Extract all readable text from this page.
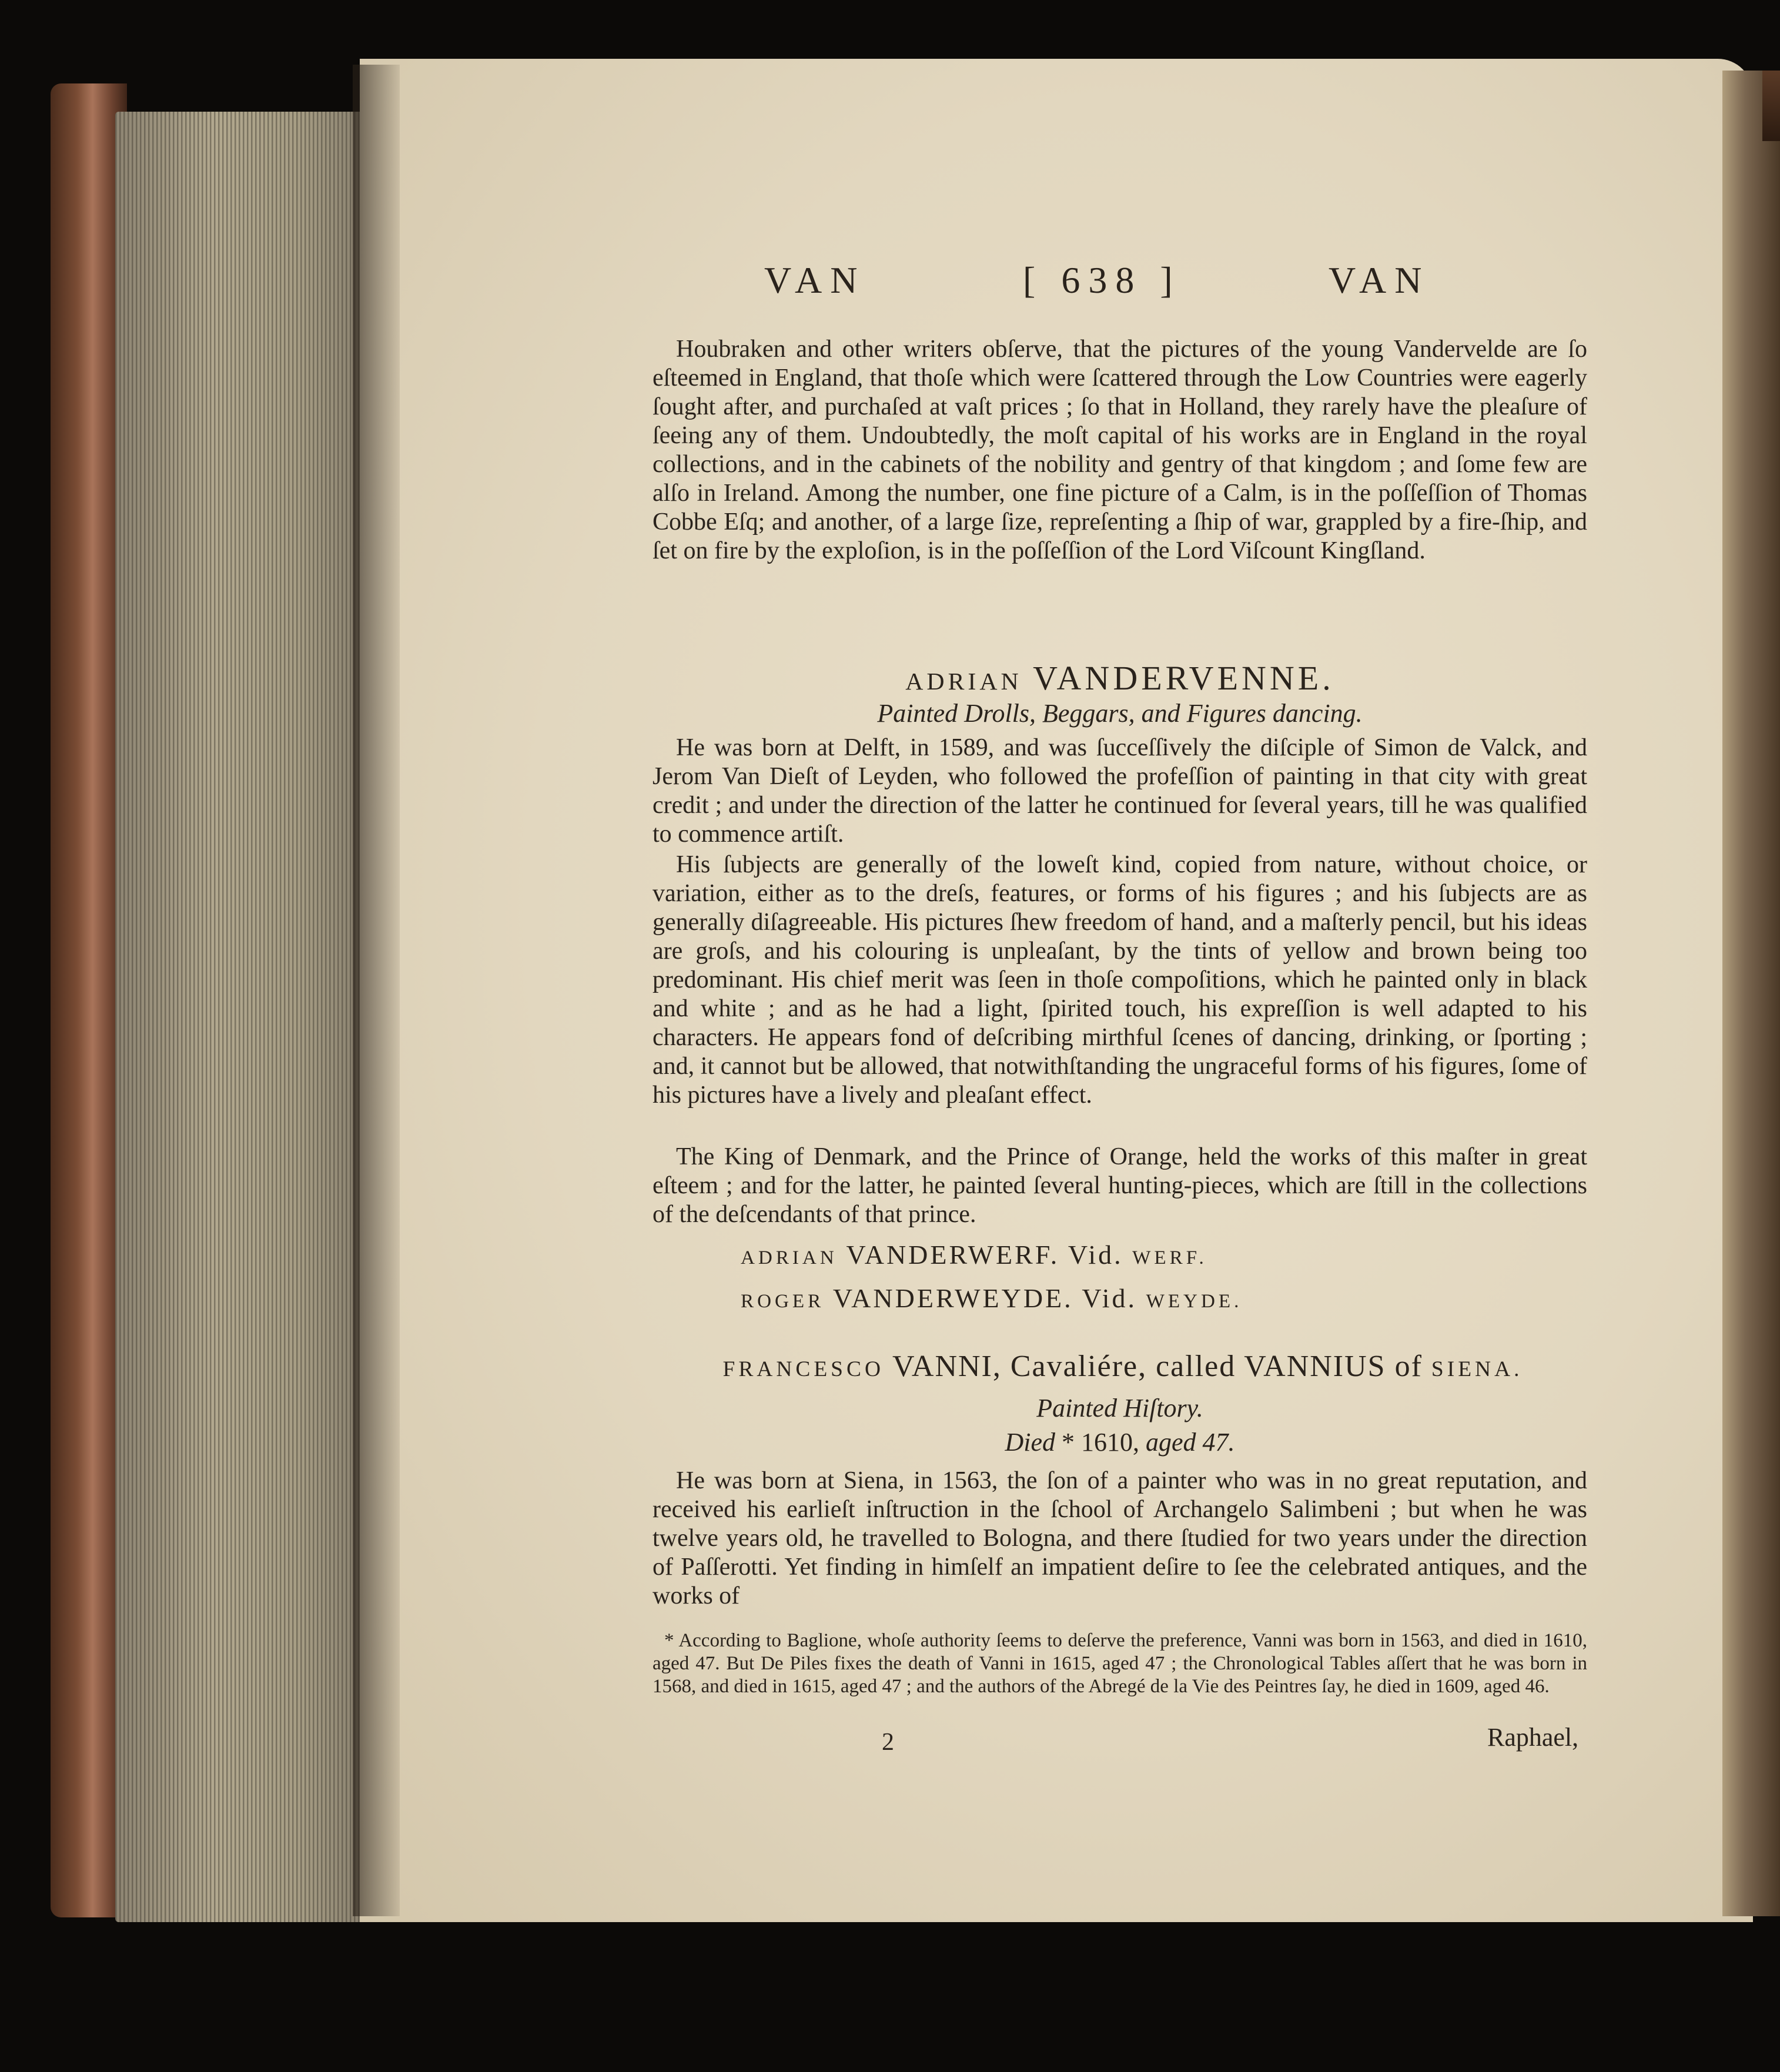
VAN	[ 638 ]	VAN

Houbraken and other writers obſerve, that the pictures of the young Vandervelde are ſo eſteemed in England, that thoſe which were ſcattered through the Low Countries were eagerly ſought after, and purchaſed at vaſt prices ; ſo that in Holland, they rarely have the pleaſure of ſeeing any of them. Undoubtedly, the moſt capital of his works are in England in the royal collections, and in the cabinets of the nobility and gentry of that kingdom ; and ſome few are alſo in Ireland. Among the number, one fine picture of a Calm, is in the poſſeſſion of Thomas Cobbe Eſq; and another, of a large ſize, repreſenting a ſhip of war, grappled by a fire-ſhip, and ſet on fire by the exploſion, is in the poſſeſſion of the Lord Viſcount Kingſland.

ADRIAN VANDERVENNE.

Painted Drolls, Beggars, and Figures dancing.

He was born at Delft, in 1589, and was ſucceſſively the diſciple of Simon de Valck, and Jerom Van Dieſt of Leyden, who followed the profeſſion of painting in that city with great credit ; and under the direction of the latter he continued for ſeveral years, till he was qualified to commence artiſt.

His ſubjects are generally of the loweſt kind, copied from nature, without choice, or variation, either as to the dreſs, features, or forms of his figures ; and his ſubjects are as generally diſagreeable. His pictures ſhew freedom of hand, and a maſterly pencil, but his ideas are groſs, and his colouring is unpleaſant, by the tints of yellow and brown being too predominant. His chief merit was ſeen in thoſe compoſitions, which he painted only in black and white ; and as he had a light, ſpirited touch, his expreſſion is well adapted to his characters. He appears fond of deſcribing mirthful ſcenes of dancing, drinking, or ſporting ; and, it cannot but be allowed, that notwithſtanding the ungraceful forms of his figures, ſome of his pictures have a lively and pleaſant effect.

The King of Denmark, and the Prince of Orange, held the works of this maſter in great eſteem ; and for the latter, he painted ſeveral hunting-pieces, which are ſtill in the collections of the deſcendants of that prince.

ADRIAN VANDERWERF. Vid. WERF.

ROGER VANDERWEYDE. Vid. WEYDE.

FRANCESCO VANNI, Cavaliére, called VANNIUS of SIENA.

Painted Hiſtory.

Died * 1610, aged 47.

He was born at Siena, in 1563, the ſon of a painter who was in no great reputation, and received his earlieſt inſtruction in the ſchool of Archangelo Salimbeni ; but when he was twelve years old, he travelled to Bologna, and there ſtudied for two years under the direction of Paſſerotti. Yet finding in himſelf an impatient deſire to ſee the celebrated antiques, and the works of

* According to Baglione, whoſe authority ſeems to deſerve the preference, Vanni was born in 1563, and died in 1610, aged 47. But De Piles fixes the death of Vanni in 1615, aged 47 ; the Chronological Tables aſſert that he was born in 1568, and died in 1615, aged 47 ; and the authors of the Abregé de la Vie des Peintres ſay, he died in 1609, aged 46.

2	Raphael,
